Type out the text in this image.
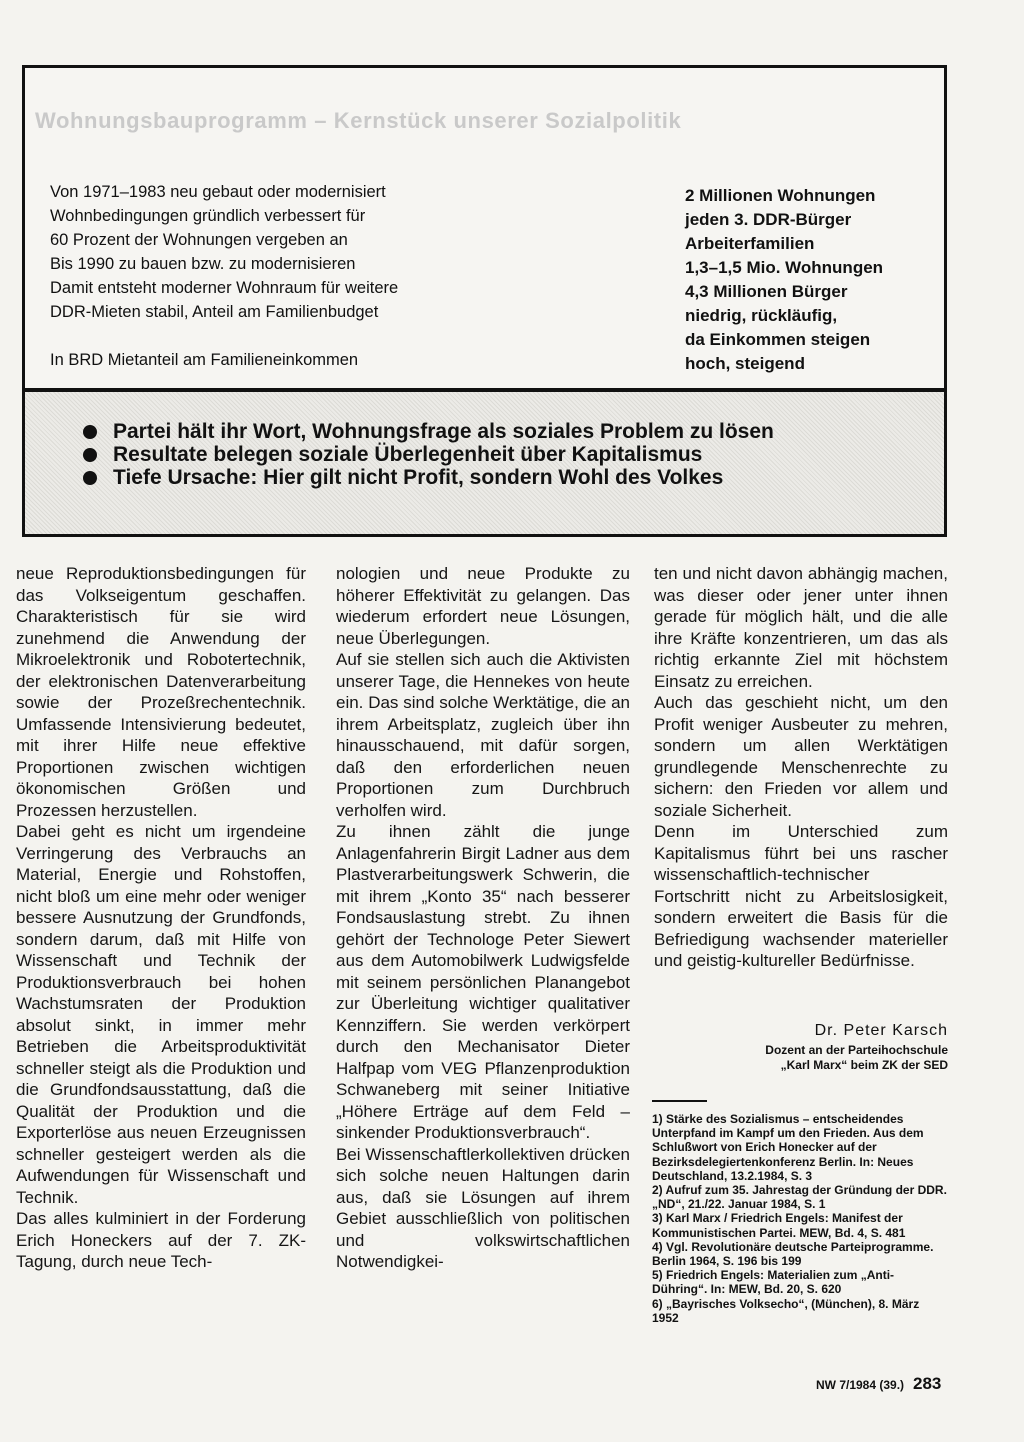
Wohnungsbauprogramm – Kernstück unserer Sozialpolitik
Von 1971–1983 neu gebaut oder modernisiert	2 Millionen Wohnungen
Wohnbedingungen gründlich verbessert für	jeden 3. DDR-Bürger
60 Prozent der Wohnungen vergeben an	Arbeiterfamilien
Bis 1990 zu bauen bzw. zu modernisieren	1,3–1,5 Mio. Wohnungen
Damit entsteht moderner Wohnraum für weitere	4,3 Millionen Bürger
DDR-Mieten stabil, Anteil am Familienbudget	niedrig, rückläufig,
da Einkommen steigen
In BRD Mietanteil am Familieneinkommen	hoch, steigend
Partei hält ihr Wort, Wohnungsfrage als soziales Problem zu lösen
Resultate belegen soziale Überlegenheit über Kapitalismus
Tiefe Ursache: Hier gilt nicht Profit, sondern Wohl des Volkes

neue Reproduktionsbedingungen für das Volkseigentum geschaffen. Charakteristisch für sie wird zunehmend die Anwendung der Mikroelektronik und Robotertechnik, der elektronischen Datenverarbeitung sowie der Prozeßrechentechnik. Umfassende Intensivierung bedeutet, mit ihrer Hilfe neue effektive Proportionen zwischen wichtigen ökonomischen Größen und Prozessen herzustellen.

Dabei geht es nicht um irgendeine Verringerung des Verbrauchs an Material, Energie und Rohstoffen, nicht bloß um eine mehr oder weniger bessere Ausnutzung der Grundfonds, sondern darum, daß mit Hilfe von Wissenschaft und Technik der Produktionsverbrauch bei hohen Wachstumsraten der Produktion absolut sinkt, in immer mehr Betrieben die Arbeitsproduktivität schneller steigt als die Produktion und die Grundfondsausstattung, daß die Qualität der Produktion und die Exporterlöse aus neuen Erzeugnissen schneller gesteigert werden als die Aufwendungen für Wissenschaft und Technik.

Das alles kulminiert in der Forderung Erich Honeckers auf der 7. ZK-Tagung, durch neue Tech-

nologien und neue Produkte zu höherer Effektivität zu gelangen. Das wiederum erfordert neue Lösungen, neue Überlegungen.

Auf sie stellen sich auch die Aktivisten unserer Tage, die Hennekes von heute ein. Das sind solche Werktätige, die an ihrem Arbeitsplatz, zugleich über ihn hinausschauend, mit dafür sorgen, daß den erforderlichen neuen Proportionen zum Durchbruch verholfen wird.

Zu ihnen zählt die junge Anlagenfahrerin Birgit Ladner aus dem Plastverarbeitungswerk Schwerin, die mit ihrem „Konto 35“ nach besserer Fondsauslastung strebt. Zu ihnen gehört der Technologe Peter Siewert aus dem Automobilwerk Ludwigsfelde mit seinem persönlichen Planangebot zur Überleitung wichtiger qualitativer Kennziffern. Sie werden verkörpert durch den Mechanisator Dieter Halfpap vom VEG Pflanzenproduktion Schwaneberg mit seiner Initiative „Höhere Erträge auf dem Feld – sinkender Produktionsverbrauch“.

Bei Wissenschaftlerkollektiven drücken sich solche neuen Haltungen darin aus, daß sie Lösungen auf ihrem Gebiet ausschließlich von politischen und volkswirtschaftlichen Notwendigkei-

ten und nicht davon abhängig machen, was dieser oder jener unter ihnen gerade für möglich hält, und die alle ihre Kräfte konzentrieren, um das als richtig erkannte Ziel mit höchstem Einsatz zu erreichen.

Auch das geschieht nicht, um den Profit weniger Ausbeuter zu mehren, sondern um allen Werktätigen grundlegende Menschenrechte zu sichern: den Frieden vor allem und soziale Sicherheit.

Denn im Unterschied zum Kapitalismus führt bei uns rascher wissenschaftlich-technischer Fortschritt nicht zu Arbeitslosigkeit, sondern erweitert die Basis für die Befriedigung wachsender materieller und geistig-kultureller Bedürfnisse.

Dr. Peter Karsch
Dozent an der Parteihochschule
„Karl Marx“ beim ZK der SED

1) Stärke des Sozialismus – entscheidendes Unterpfand im Kampf um den Frieden. Aus dem Schlußwort von Erich Honecker auf der Bezirksdelegiertenkonferenz Berlin. In: Neues Deutschland, 13.2.1984, S. 3

2) Aufruf zum 35. Jahrestag der Gründung der DDR. „ND“, 21./22. Januar 1984, S. 1

3) Karl Marx / Friedrich Engels: Manifest der Kommunistischen Partei. MEW, Bd. 4, S. 481

4) Vgl. Revolutionäre deutsche Parteiprogramme. Berlin 1964, S. 196 bis 199

5) Friedrich Engels: Materialien zum „Anti-Dühring“. In: MEW, Bd. 20, S. 620

6) „Bayrisches Volksecho“, (München), 8. März 1952

NW 7/1984 (39.) 283
